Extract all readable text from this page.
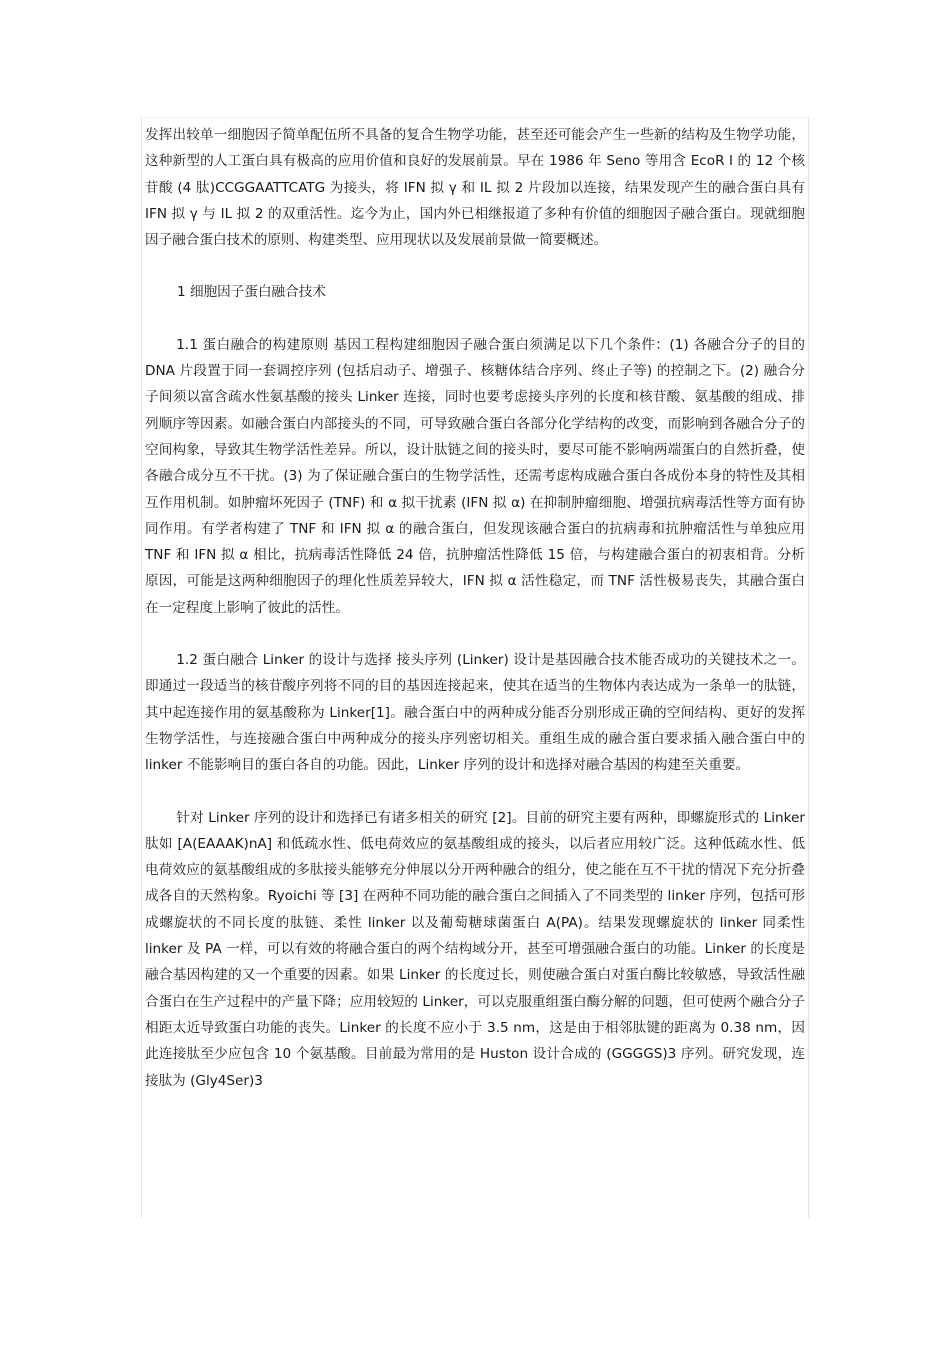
发挥出较单一细胞因子简单配伍所不具备的复合生物学功能，甚至还可能会产生一些新的结构及生物学功能，这种新型的人工蛋白具有极高的应用价值和良好的发展前景。早在 1986 年 Seno 等用含 EcoR I 的 12 个核苷酸 (4 肽)CCGGAATTCATG 为接头，将 IFN 拟 γ 和 IL 拟 2 片段加以连接，结果发现产生的融合蛋白具有 IFN 拟 γ 与 IL 拟 2 的双重活性。迄今为止，国内外已相继报道了多种有价值的细胞因子融合蛋白。现就细胞因子融合蛋白技术的原则、构建类型、应用现状以及发展前景做一简要概述。

1 细胞因子蛋白融合技术

1.1 蛋白融合的构建原则 基因工程构建细胞因子融合蛋白须满足以下几个条件：(1) 各融合分子的目的 DNA 片段置于同一套调控序列 (包括启动子、增强子、核糖体结合序列、终止子等) 的控制之下。(2) 融合分子间须以富含疏水性氨基酸的接头 Linker 连接，同时也要考虑接头序列的长度和核苷酸、氨基酸的组成、排列顺序等因素。如融合蛋白内部接头的不同，可导致融合蛋白各部分化学结构的改变，而影响到各融合分子的空间构象，导致其生物学活性差异。所以，设计肽链之间的接头时，要尽可能不影响两端蛋白的自然折叠，使各融合成分互不干扰。(3) 为了保证融合蛋白的生物学活性，还需考虑构成融合蛋白各成份本身的特性及其相互作用机制。如肿瘤坏死因子 (TNF) 和 α 拟干扰素 (IFN 拟 α) 在抑制肿瘤细胞、增强抗病毒活性等方面有协同作用。有学者构建了 TNF 和 IFN 拟 α 的融合蛋白，但发现该融合蛋白的抗病毒和抗肿瘤活性与单独应用 TNF 和 IFN 拟 α 相比，抗病毒活性降低 24 倍，抗肿瘤活性降低 15 倍，与构建融合蛋白的初衷相背。分析原因，可能是这两种细胞因子的理化性质差异较大，IFN 拟 α 活性稳定，而 TNF 活性极易丧失，其融合蛋白在一定程度上影响了彼此的活性。

1.2 蛋白融合 Linker 的设计与选择 接头序列 (Linker) 设计是基因融合技术能否成功的关键技术之一。即通过一段适当的核苷酸序列将不同的目的基因连接起来，使其在适当的生物体内表达成为一条单一的肽链，其中起连接作用的氨基酸称为 Linker[1]。融合蛋白中的两种成分能否分别形成正确的空间结构、更好的发挥生物学活性，与连接融合蛋白中两种成分的接头序列密切相关。重组生成的融合蛋白要求插入融合蛋白中的 linker 不能影响目的蛋白各自的功能。因此，Linker 序列的设计和选择对融合基因的构建至关重要。

针对 Linker 序列的设计和选择已有诸多相关的研究 [2]。目前的研究主要有两种，即螺旋形式的 Linker 肽如 [A(EAAAK)nA] 和低疏水性、低电荷效应的氨基酸组成的接头，以后者应用较广泛。这种低疏水性、低电荷效应的氨基酸组成的多肽接头能够充分伸展以分开两种融合的组分，使之能在互不干扰的情况下充分折叠成各自的天然构象。Ryoichi 等 [3] 在两种不同功能的融合蛋白之间插入了不同类型的 linker 序列，包括可形成螺旋状的不同长度的肽链、柔性 linker 以及葡萄糖球菌蛋白 A(PA)。结果发现螺旋状的 linker 同柔性 linker 及 PA 一样，可以有效的将融合蛋白的两个结构域分开，甚至可增强融合蛋白的功能。Linker 的长度是融合基因构建的又一个重要的因素。如果 Linker 的长度过长，则使融合蛋白对蛋白酶比较敏感，导致活性融合蛋白在生产过程中的产量下降；应用较短的 Linker，可以克服重组蛋白酶分解的问题，但可使两个融合分子相距太近导致蛋白功能的丧失。Linker 的长度不应小于 3.5 nm，这是由于相邻肽键的距离为 0.38 nm，因此连接肽至少应包含 10 个氨基酸。目前最为常用的是 Huston 设计合成的 (GGGGS)3 序列。研究发现，连接肽为 (Gly4Ser)3
